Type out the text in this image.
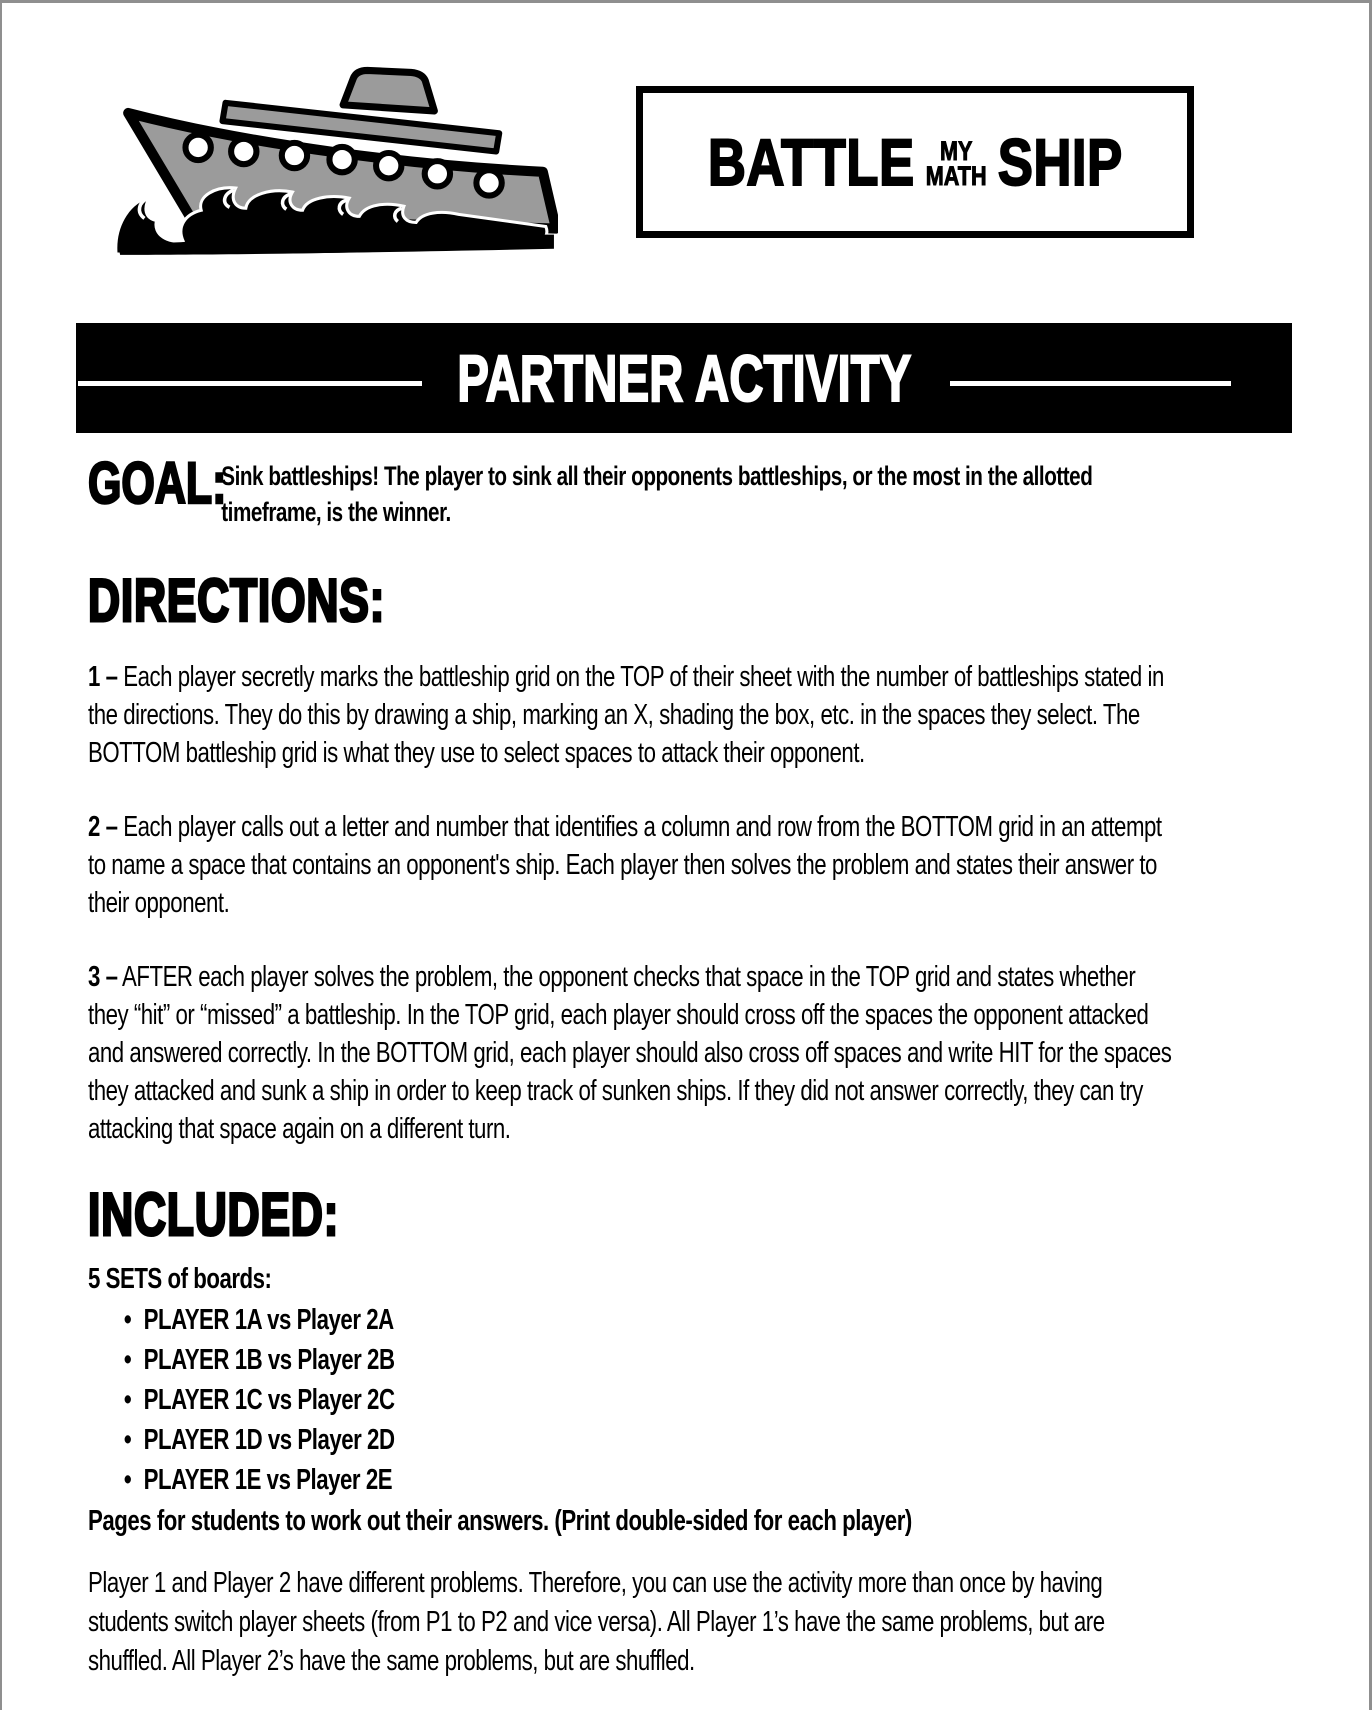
BATTLE MY
MATH SHIP
PARTNER ACTIVITY
GOAL:
Sink battleships! The player to sink all their opponents battleships, or the most in the allotted timeframe, is the winner.
DIRECTIONS:

1 – Each player secretly marks the battleship grid on the TOP of their sheet with the number of battleships stated in the directions. They do this by drawing a ship, marking an X, shading the box, etc. in the spaces they select. The BOTTOM battleship grid is what they use to select spaces to attack their opponent.

2 – Each player calls out a letter and number that identifies a column and row from the BOTTOM grid in an attempt to name a space that contains an opponent's ship. Each player then solves the problem and states their answer to their opponent.

3 – AFTER each player solves the problem, the opponent checks that space in the TOP grid and states whether they “hit” or “missed” a battleship. In the TOP grid, each player should cross off the spaces the opponent attacked and answered correctly. In the BOTTOM grid, each player should also cross off spaces and write HIT for the spaces they attacked and sunk a ship in order to keep track of sunken ships. If they did not answer correctly, they can try attacking that space again on a different turn.

INCLUDED:

5 SETS of boards:

• PLAYER 1A vs Player 2A
• PLAYER 1B vs Player 2B
• PLAYER 1C vs Player 2C
• PLAYER 1D vs Player 2D
• PLAYER 1E vs Player 2E

Pages for students to work out their answers. (Print double-sided for each player)

Player 1 and Player 2 have different problems. Therefore, you can use the activity more than once by having students switch player sheets (from P1 to P2 and vice versa). All Player 1’s have the same problems, but are shuffled. All Player 2’s have the same problems, but are shuffled.
